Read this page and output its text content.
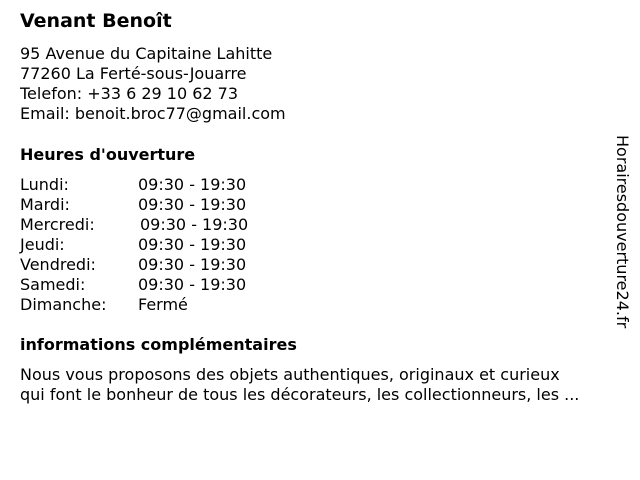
Venant Benoît
95 Avenue du Capitaine Lahitte
77260 La Ferté-sous-Jouarre
Telefon: +33 6 29 10 62 73
Email: benoit.broc77@gmail.com
Heures d'ouverture
Lundi:	09:30 - 19:30
Mardi:	09:30 - 19:30
Mercredi:	09:30 - 19:30
Jeudi:	09:30 - 19:30
Vendredi:	09:30 - 19:30
Samedi:	09:30 - 19:30
Dimanche: Fermé
informations complémentaires
Nous vous proposons des objets authentiques, originaux et curieux
qui font le bonheur de tous les décorateurs, les collectionneurs, les ...
Horairesdouverture24.fr
